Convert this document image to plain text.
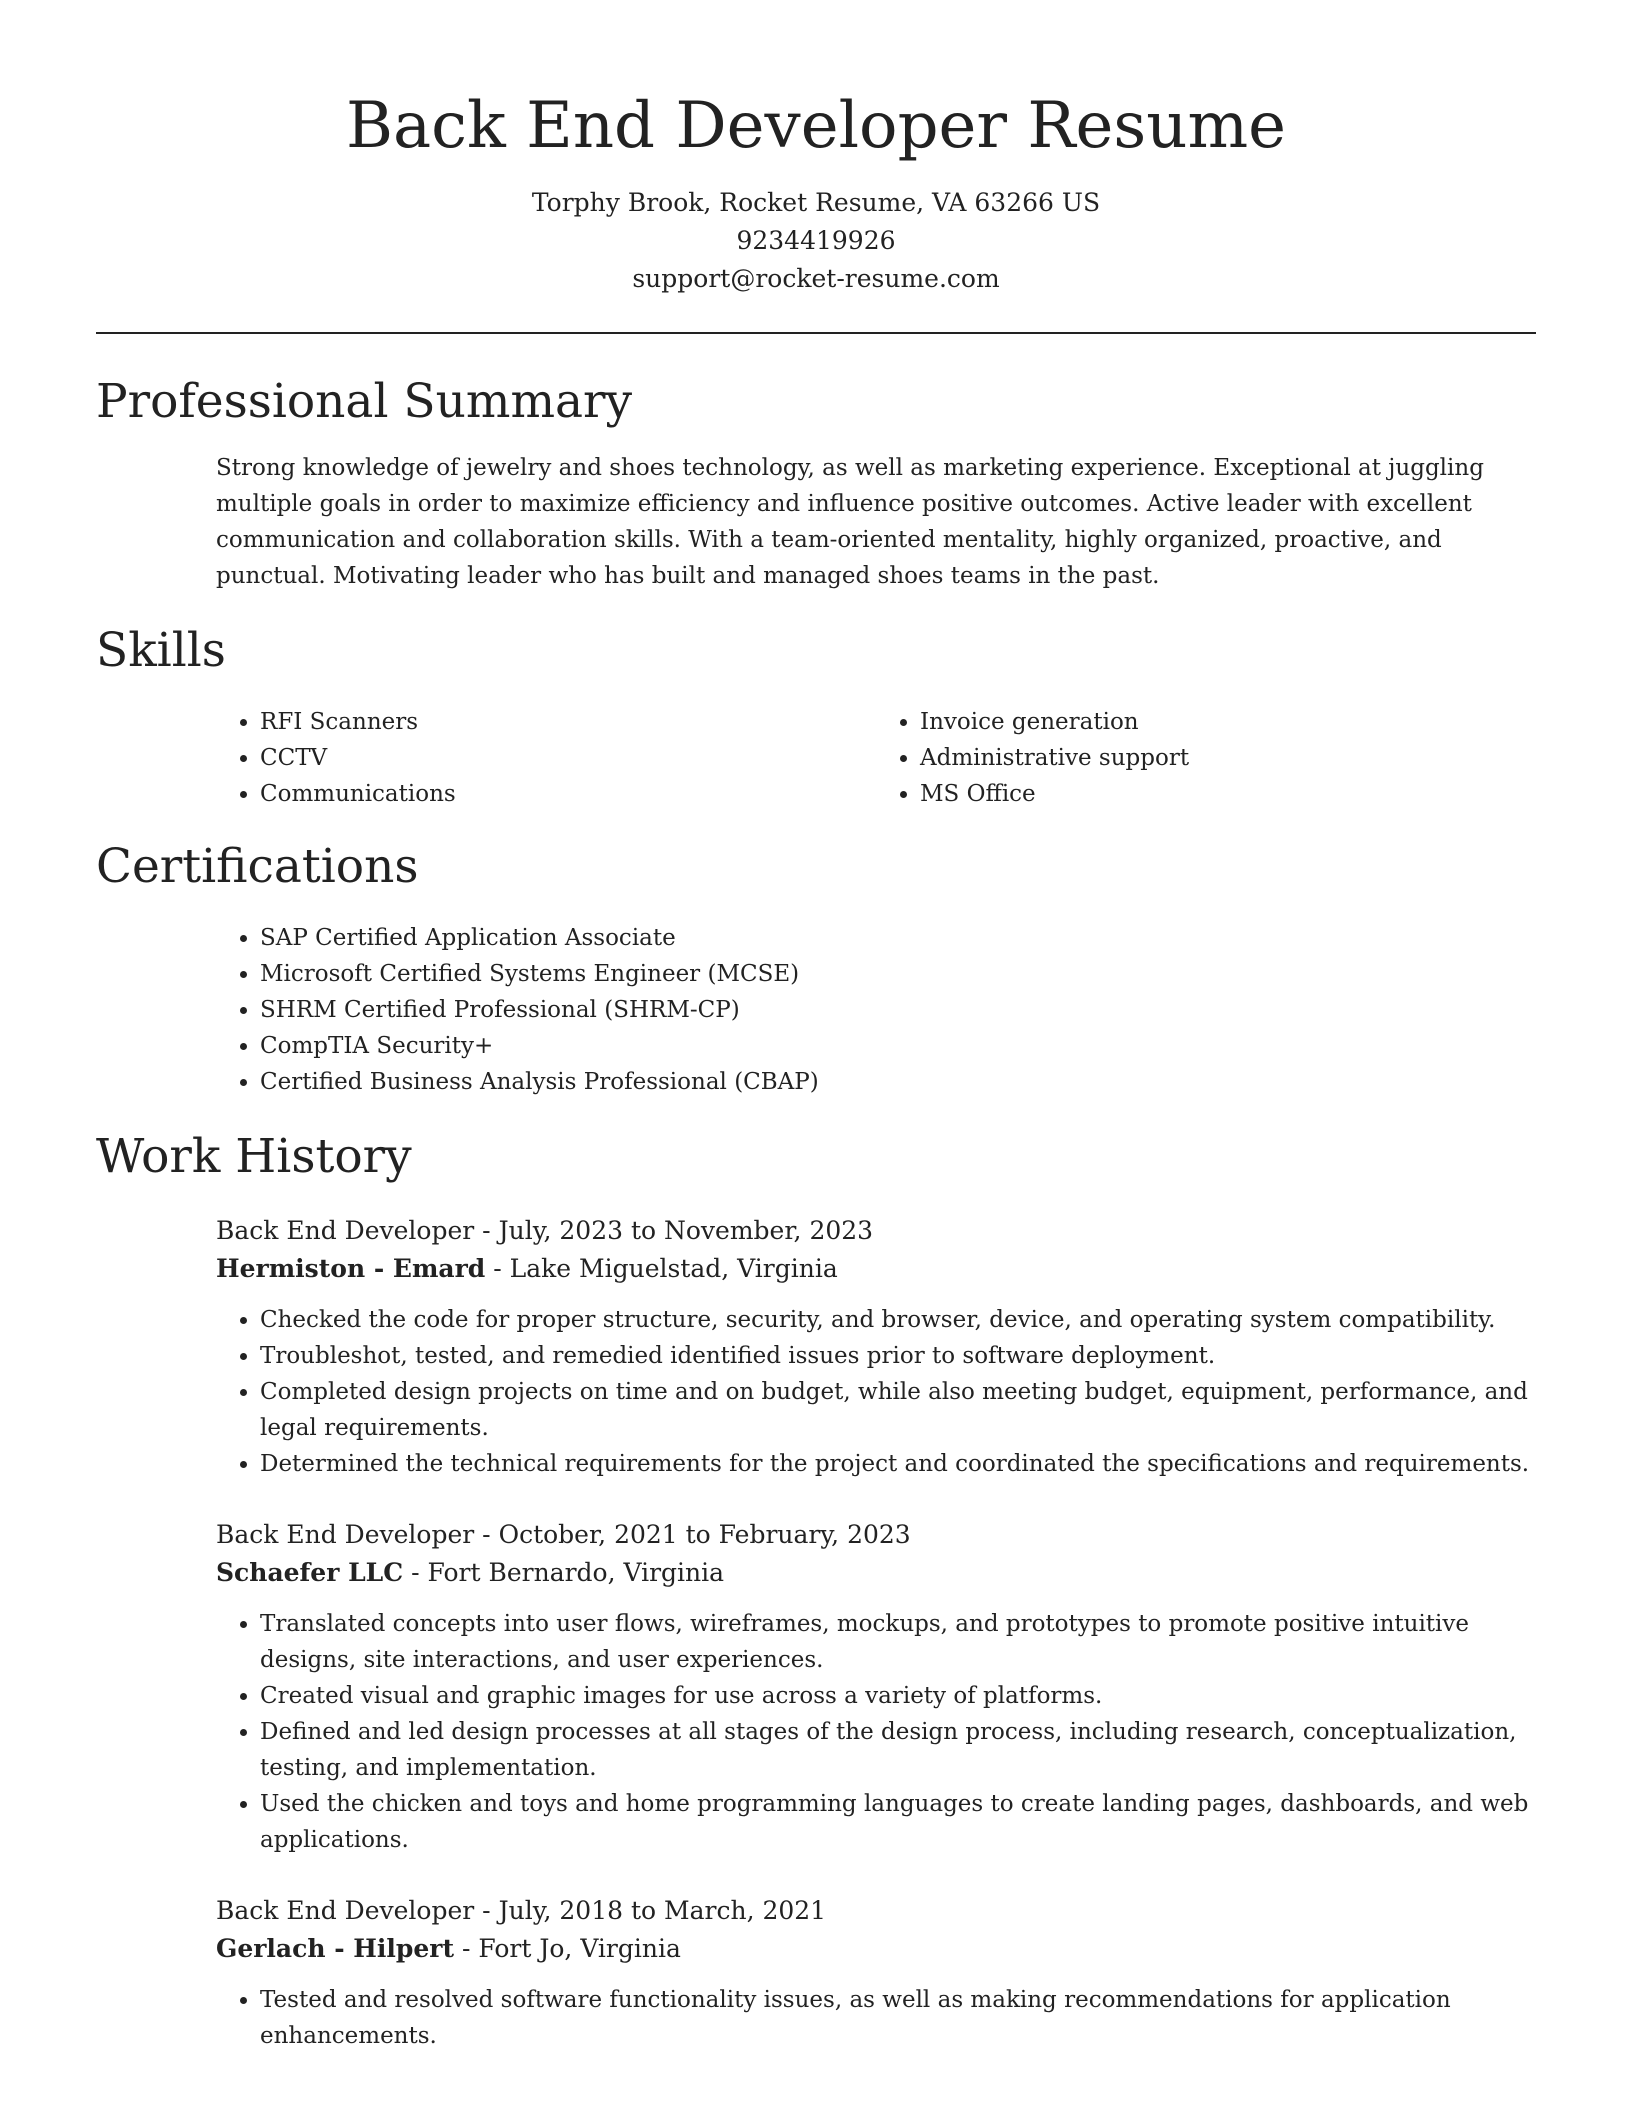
Back End Developer Resume
Torphy Brook, Rocket Resume, VA 63266 US
9234419926
support@rocket-resume.com
Professional Summary

Strong knowledge of jewelry and shoes technology, as well as marketing experience. Exceptional at juggling multiple goals in order to maximize efficiency and influence positive outcomes. Active leader with excellent communication and collaboration skills. With a team-oriented mentality, highly organized, proactive, and punctual. Motivating leader who has built and managed shoes teams in the past.

Skills
• RFI Scanners
• CCTV
• Communications
• Invoice generation
• Administrative support
• MS Office
Certifications
• SAP Certified Application Associate
• Microsoft Certified Systems Engineer (MCSE)
• SHRM Certified Professional (SHRM-CP)
• CompTIA Security+
• Certified Business Analysis Professional (CBAP)
Work History
Back End Developer - July, 2023 to November, 2023
Hermiston - Emard - Lake Miguelstad, Virginia
• Checked the code for proper structure, security, and browser, device, and operating system compatibility.
• Troubleshot, tested, and remedied identified issues prior to software deployment.
• Completed design projects on time and on budget, while also meeting budget, equipment, performance, and legal requirements.
• Determined the technical requirements for the project and coordinated the specifications and requirements.
Back End Developer - October, 2021 to February, 2023
Schaefer LLC - Fort Bernardo, Virginia
• Translated concepts into user flows, wireframes, mockups, and prototypes to promote positive intuitive designs, site interactions, and user experiences.
• Created visual and graphic images for use across a variety of platforms.
• Defined and led design processes at all stages of the design process, including research, conceptualization, testing, and implementation.
• Used the chicken and toys and home programming languages to create landing pages, dashboards, and web applications.
Back End Developer - July, 2018 to March, 2021
Gerlach - Hilpert - Fort Jo, Virginia
• Tested and resolved software functionality issues, as well as making recommendations for application enhancements.
